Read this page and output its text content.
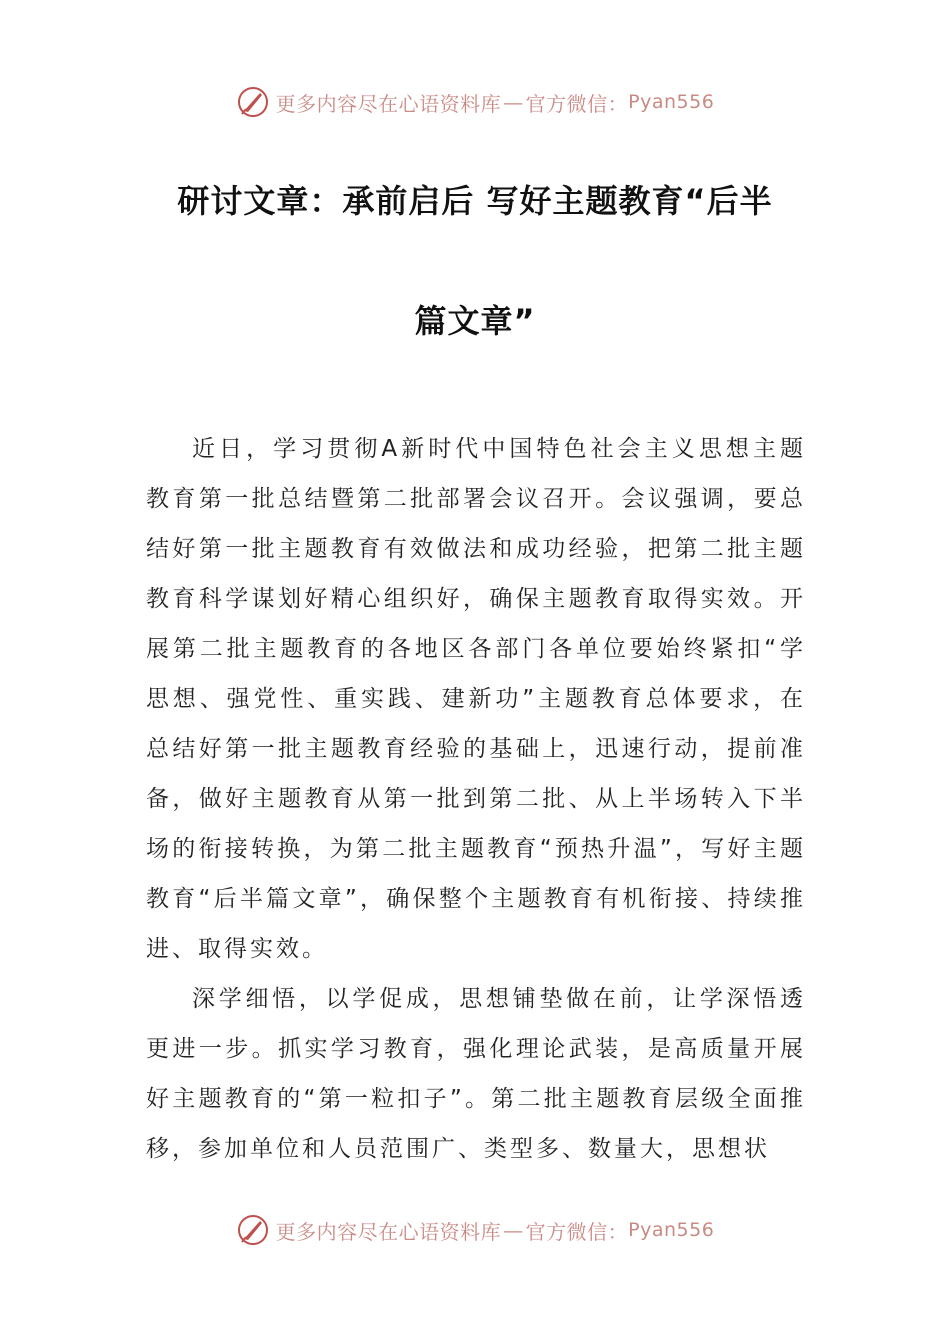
更多内容尽在心语资料库 — 官方微信： Pyan556
研讨文章：承前启后 写好主题教育“后半
篇文章”

近日，学习贯彻A新时代中国特色社会主义思想主题教育第一批总结暨第二批部署会议召开。会议强调，要总结好第一批主题教育有效做法和成功经验，把第二批主题教育科学谋划好精心组织好，确保主题教育取得实效。开展第二批主题教育的各地区各部门各单位要始终紧扣“学思想、强党性、重实践、建新功”主题教育总体要求，在总结好第一批主题教育经验的基础上，迅速行动，提前准备，做好主题教育从第一批到第二批、从上半场转入下半场的衔接转换，为第二批主题教育“预热升温”，写好主题教育“后半篇文章”，确保整个主题教育有机衔接、持续推进、取得实效。

深学细悟，以学促成，思想铺垫做在前，让学深悟透更进一步。抓实学习教育，强化理论武装，是高质量开展好主题教育的“第一粒扣子”。第二批主题教育层级全面推移，参加单位和人员范围广、类型多、数量大，思想状

更多内容尽在心语资料库 — 官方微信： Pyan556
